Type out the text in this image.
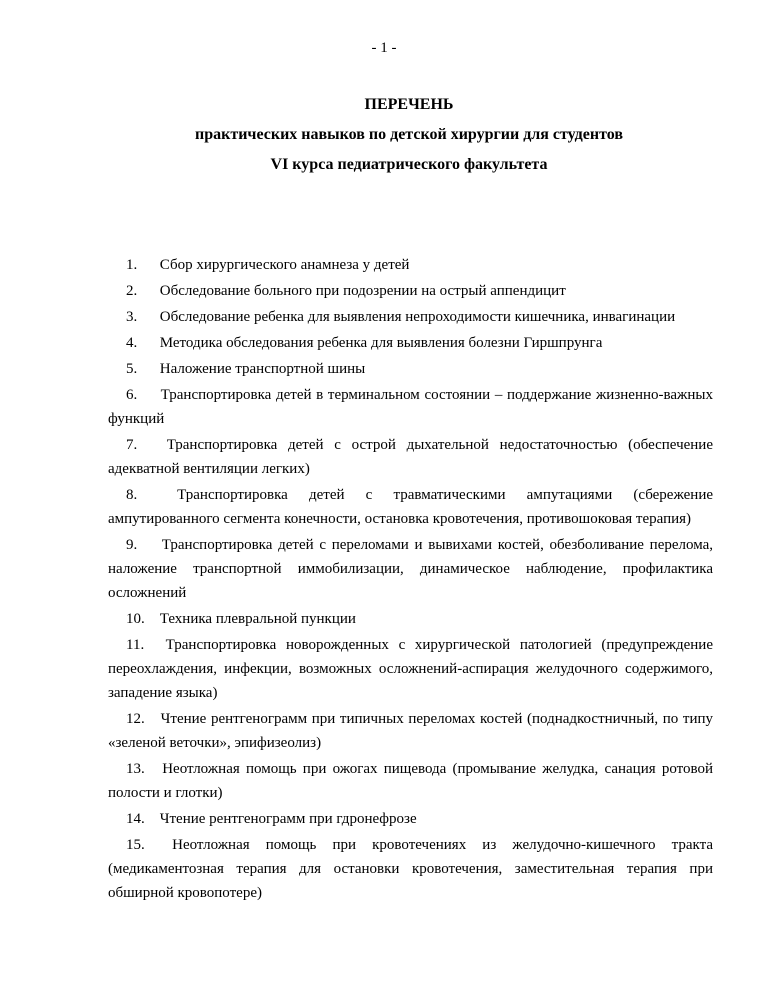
- 1 -
ПЕРЕЧЕНЬ
практических навыков по детской хирургии для студентов
VI курса педиатрического факультета
1. Сбор хирургического анамнеза у детей
2. Обследование больного при подозрении на острый аппендицит
3. Обследование ребенка для выявления непроходимости кишечника, инвагинации
4. Методика обследования ребенка для выявления болезни Гиршпрунга
5. Наложение транспортной шины
6. Транспортировка детей в терминальном состоянии – поддержание жизненно-важных функций
7. Транспортировка детей с острой дыхательной недостаточностью (обеспечение адекватной вентиляции легких)
8.	Транспортировка детей с травматическими ампутациями (сбережение ампутированного сегмента конечности, остановка кровотечения, противошоковая терапия)
9. Транспортировка детей с переломами и вывихами костей, обезболивание перелома, наложение транспортной иммобилизации, динамическое наблюдение, профилактика осложнений
10. Техника плевральной пункции
11. Транспортировка новорожденных с хирургической патологией (предупреждение переохлаждения, инфекции, возможных осложнений-аспирация желудочного содержимого, западение языка)
12. Чтение рентгенограмм при типичных переломах костей (поднадкостничный, по типу «зеленой веточки», эпифизеолиз)
13. Неотложная помощь при ожогах пищевода (промывание желудка, санация ротовой полости и глотки)
14. Чтение рентгенограмм при гдронефрозе
15. Неотложная помощь при кровотечениях из желудочно-кишечного тракта (медикаментозная терапия для остановки кровотечения, заместительная терапия при обширной кровопотере)
